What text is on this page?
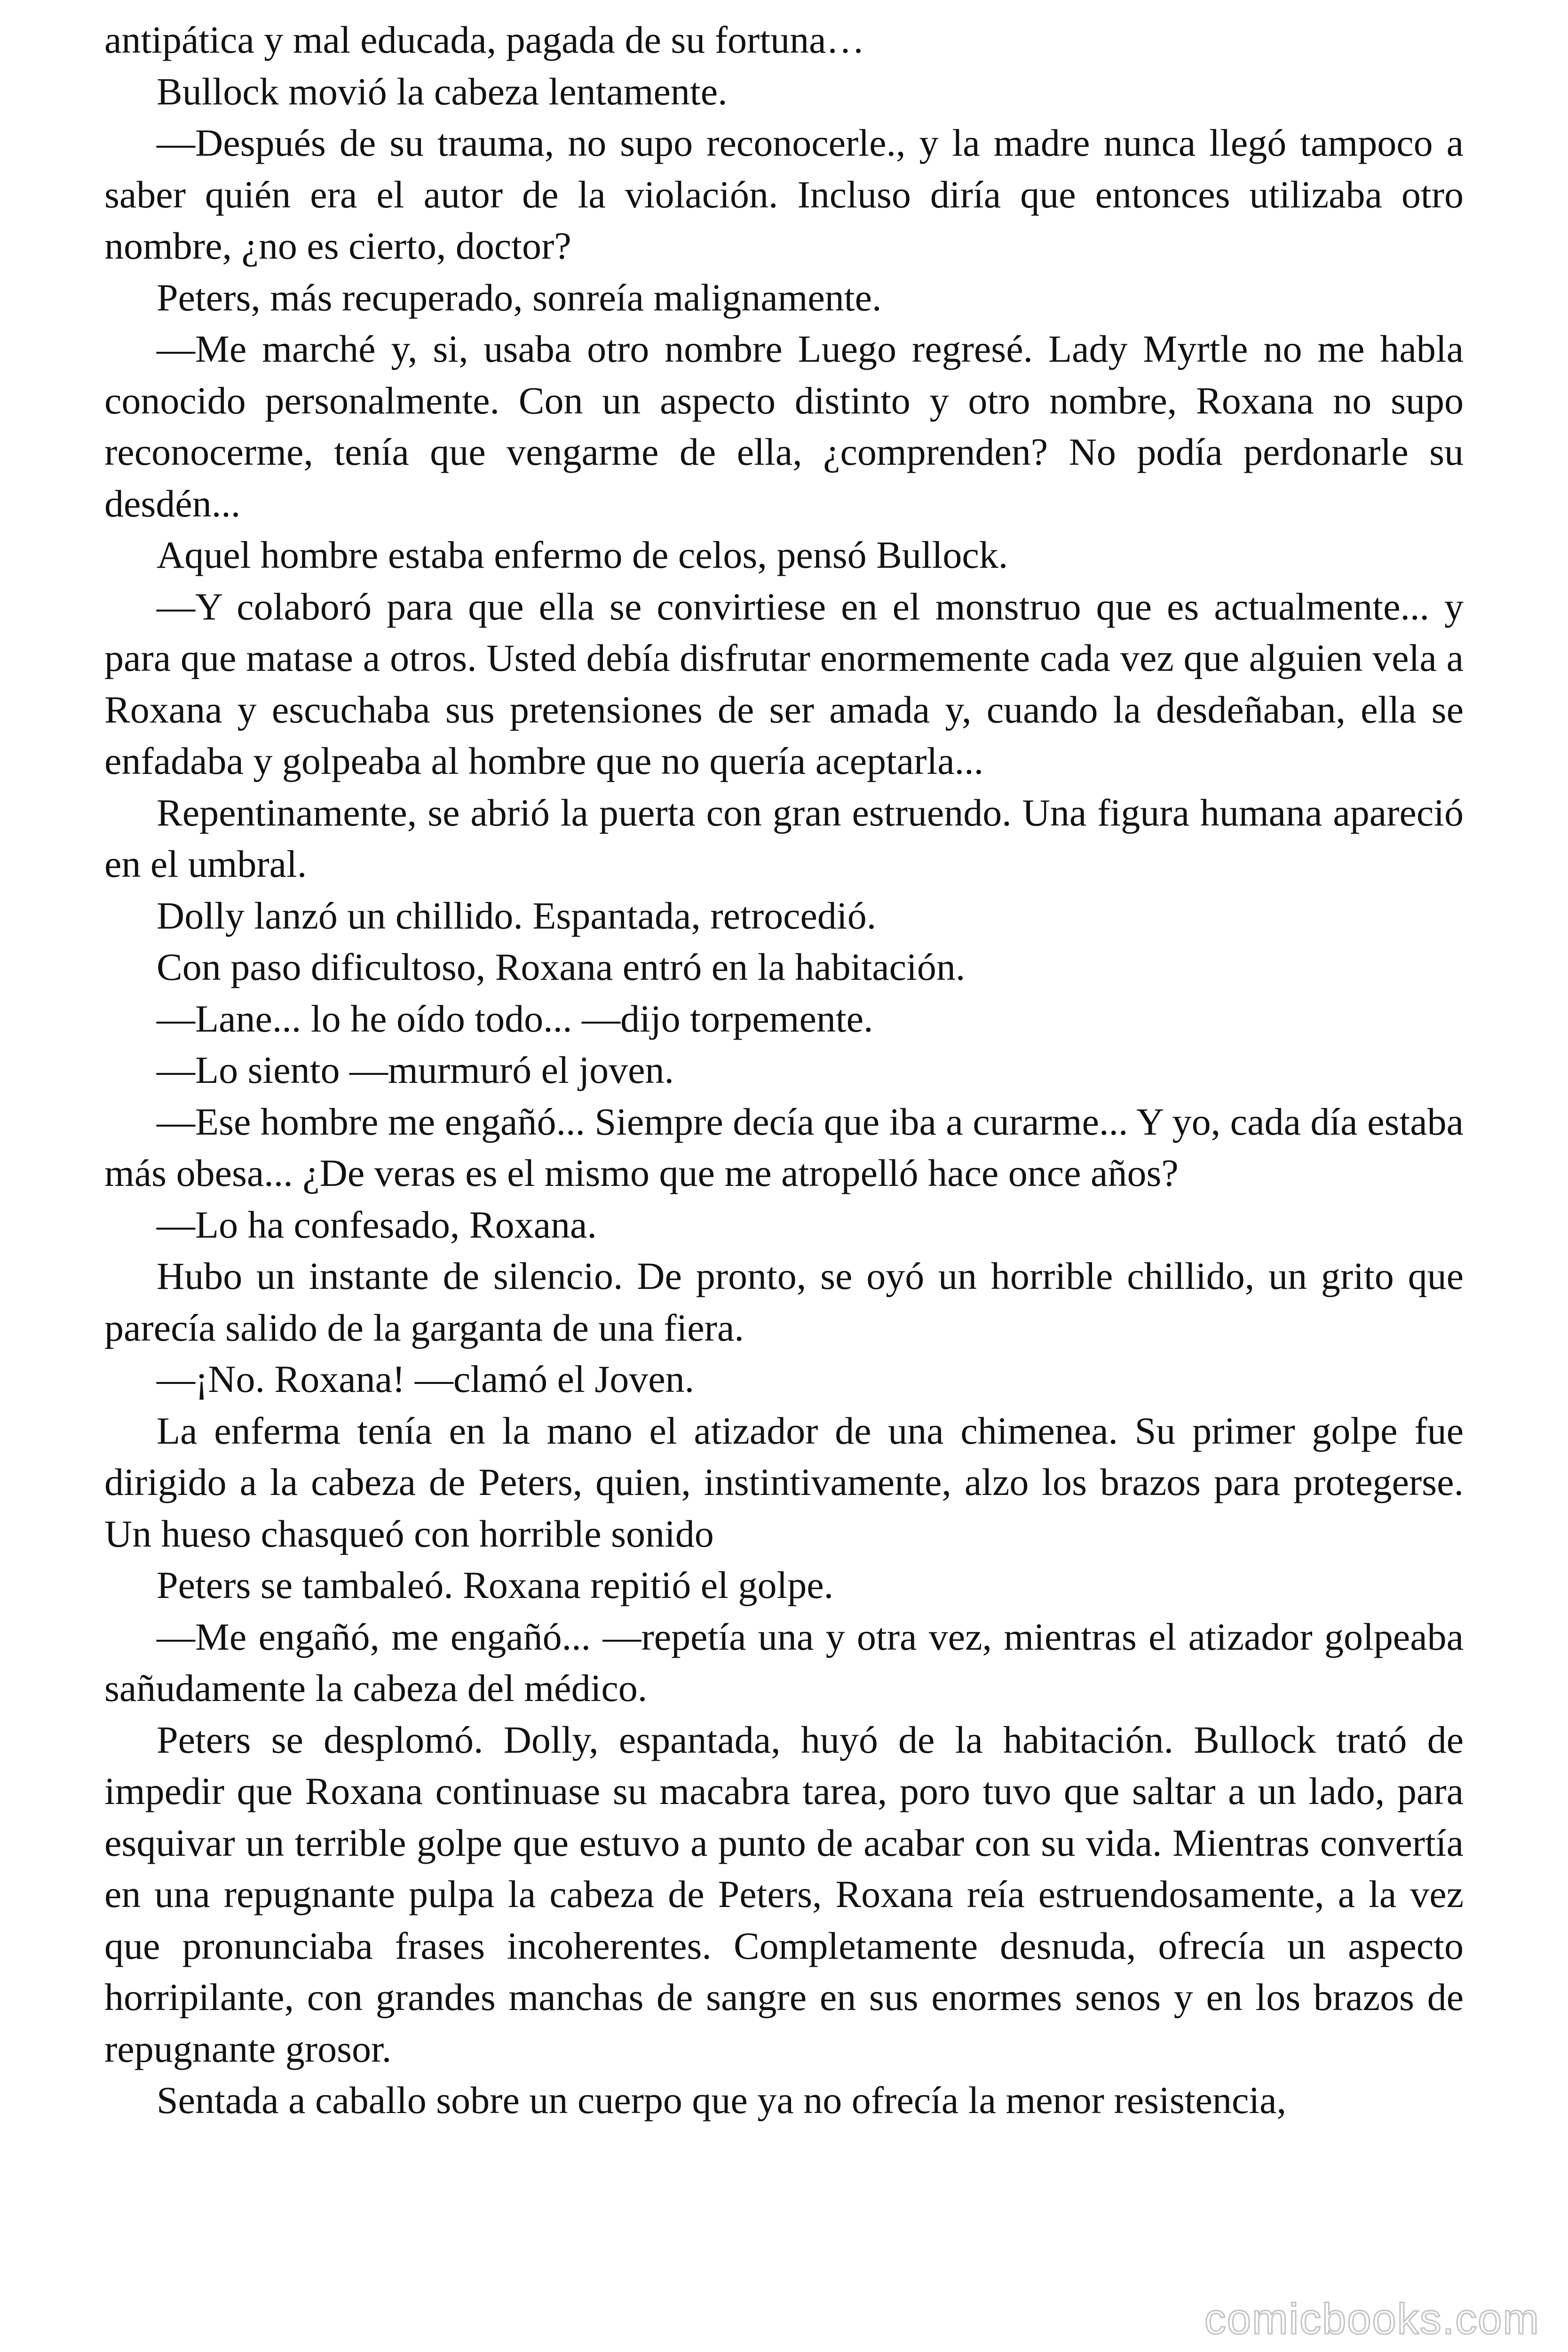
antipática y mal educada, pagada de su fortuna…

Bullock movió la cabeza lentamente.

—Después de su trauma, no supo reconocerle., y la madre nunca llegó tampoco a saber quién era el autor de la violación. Incluso diría que entonces utilizaba otro nombre, ¿no es cierto, doctor?

Peters, más recuperado, sonreía malignamente.

—Me marché y, si, usaba otro nombre Luego regresé. Lady Myrtle no me habla conocido personalmente. Con un aspecto distinto y otro nombre, Roxana no supo reconocerme, tenía que vengarme de ella, ¿comprenden? No podía perdonarle su desdén...

Aquel hombre estaba enfermo de celos, pensó Bullock.

—Y colaboró para que ella se convirtiese en el monstruo que es actualmente... y para que matase a otros. Usted debía disfrutar enormemente cada vez que alguien vela a Roxana y escuchaba sus pretensiones de ser amada y, cuando la desdeñaban, ella se enfadaba y golpeaba al hombre que no quería aceptarla...

Repentinamente, se abrió la puerta con gran estruendo. Una figura humana apareció en el umbral.

Dolly lanzó un chillido. Espantada, retrocedió.

Con paso dificultoso, Roxana entró en la habitación.

—Lane... lo he oído todo... —dijo torpemente.

—Lo siento —murmuró el joven.

—Ese hombre me engañó... Siempre decía que iba a curarme... Y yo, cada día estaba más obesa... ¿De veras es el mismo que me atropelló hace once años?

—Lo ha confesado, Roxana.

Hubo un instante de silencio. De pronto, se oyó un horrible chillido, un grito que parecía salido de la garganta de una fiera.

—¡No. Roxana! —clamó el Joven.

La enferma tenía en la mano el atizador de una chimenea. Su primer golpe fue dirigido a la cabeza de Peters, quien, instintivamente, alzo los brazos para protegerse. Un hueso chasqueó con horrible sonido

Peters se tambaleó. Roxana repitió el golpe.

—Me engañó, me engañó... —repetía una y otra vez, mientras el atizador golpeaba sañudamente la cabeza del médico.

Peters se desplomó. Dolly, espantada, huyó de la habitación. Bullock trató de impedir que Roxana continuase su macabra tarea, poro tuvo que saltar a un lado, para esquivar un terrible golpe que estuvo a punto de acabar con su vida. Mientras convertía en una repugnante pulpa la cabeza de Peters, Roxana reía estruendosamente, a la vez que pronunciaba frases incoherentes. Completamente desnuda, ofrecía un aspecto horripilante, con grandes manchas de sangre en sus enormes senos y en los brazos de repugnante grosor.

Sentada a caballo sobre un cuerpo que ya no ofrecía la menor resistencia,

comicbooks.com
